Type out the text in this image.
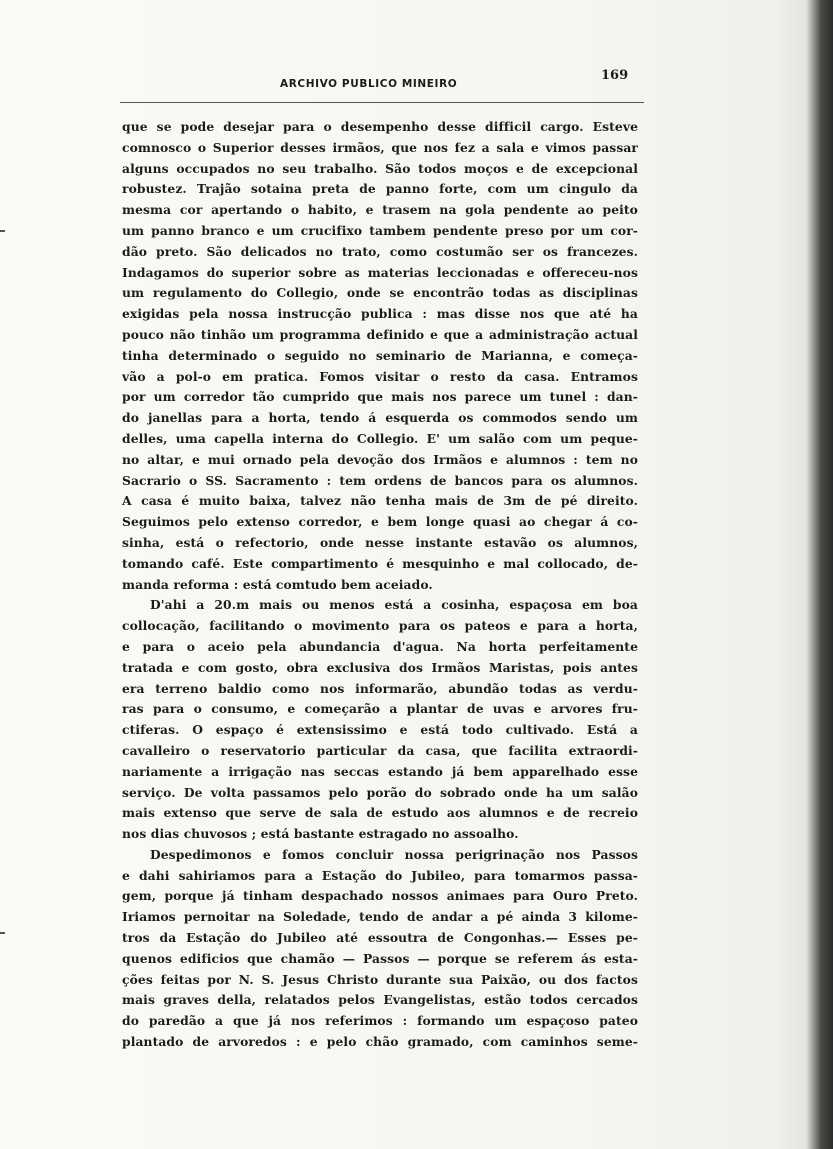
ARCHIVO PUBLICO MINEIRO
169
que se pode desejar para o desempenho desse difficil cargo. Esteve
comnosco o Superior desses irmãos, que nos fez a sala e vimos passar
alguns occupados no seu trabalho. São todos moços e de excepcional
robustez. Trajão sotaina preta de panno forte, com um cingulo da
mesma cor apertando o habito, e trasem na gola pendente ao peito
um panno branco e um crucifixo tambem pendente preso por um cor-
dão preto. São delicados no trato, como costumão ser os francezes.
Indagamos do superior sobre as materias leccionadas e offereceu-nos
um regulamento do Collegio, onde se encontrão todas as disciplinas
exigidas pela nossa instrucção publica : mas disse nos que até ha
pouco não tinhão um programma definido e que a administração actual
tinha determinado o seguido no seminario de Marianna, e começa-
vão a pol-o em pratica. Fomos visitar o resto da casa. Entramos
por um corredor tão cumprido que mais nos parece um tunel : dan-
do janellas para a horta, tendo á esquerda os commodos sendo um
delles, uma capella interna do Collegio. E' um salão com um peque-
no altar, e mui ornado pela devoção dos Irmãos e alumnos : tem no
Sacrario o SS. Sacramento : tem ordens de bancos para os alumnos.
A casa é muito baixa, talvez não tenha mais de 3m de pé direito.
Seguimos pelo extenso corredor, e bem longe quasi ao chegar á co-
sinha, está o refectorio, onde nesse instante estavão os alumnos,
tomando café. Este compartimento é mesquinho e mal collocado, de-
manda reforma : está comtudo bem aceiado.
D'ahi a 20.m mais ou menos está a cosinha, espaçosa em boa
collocação, facilitando o movimento para os pateos e para a horta,
e para o aceio pela abundancia d'agua. Na horta perfeitamente
tratada e com gosto, obra exclusiva dos Irmãos Maristas, pois antes
era terreno baldio como nos informarão, abundão todas as verdu-
ras para o consumo, e começarão a plantar de uvas e arvores fru-
ctiferas. O espaço é extensissimo e está todo cultivado. Está a
cavalleiro o reservatorio particular da casa, que facilita extraordi-
nariamente a irrigação nas seccas estando já bem apparelhado esse
serviço. De volta passamos pelo porão do sobrado onde ha um salão
mais extenso que serve de sala de estudo aos alumnos e de recreio
nos dias chuvosos ; está bastante estragado no assoalho.
Despedimonos e fomos concluir nossa perigrinação nos Passos
e dahi sahiriamos para a Estação do Jubileo, para tomarmos passa-
gem, porque já tinham despachado nossos animaes para Ouro Preto.
Iriamos pernoitar na Soledade, tendo de andar a pé ainda 3 kilome-
tros da Estação do Jubileo até essoutra de Congonhas.— Esses pe-
quenos edificios que chamão — Passos — porque se referem ás esta-
ções feitas por N. S. Jesus Christo durante sua Paixão, ou dos factos
mais graves della, relatados pelos Evangelistas, estão todos cercados
do paredão a que já nos referimos : formando um espaçoso pateo
plantado de arvoredos : e pelo chão gramado, com caminhos seme-
